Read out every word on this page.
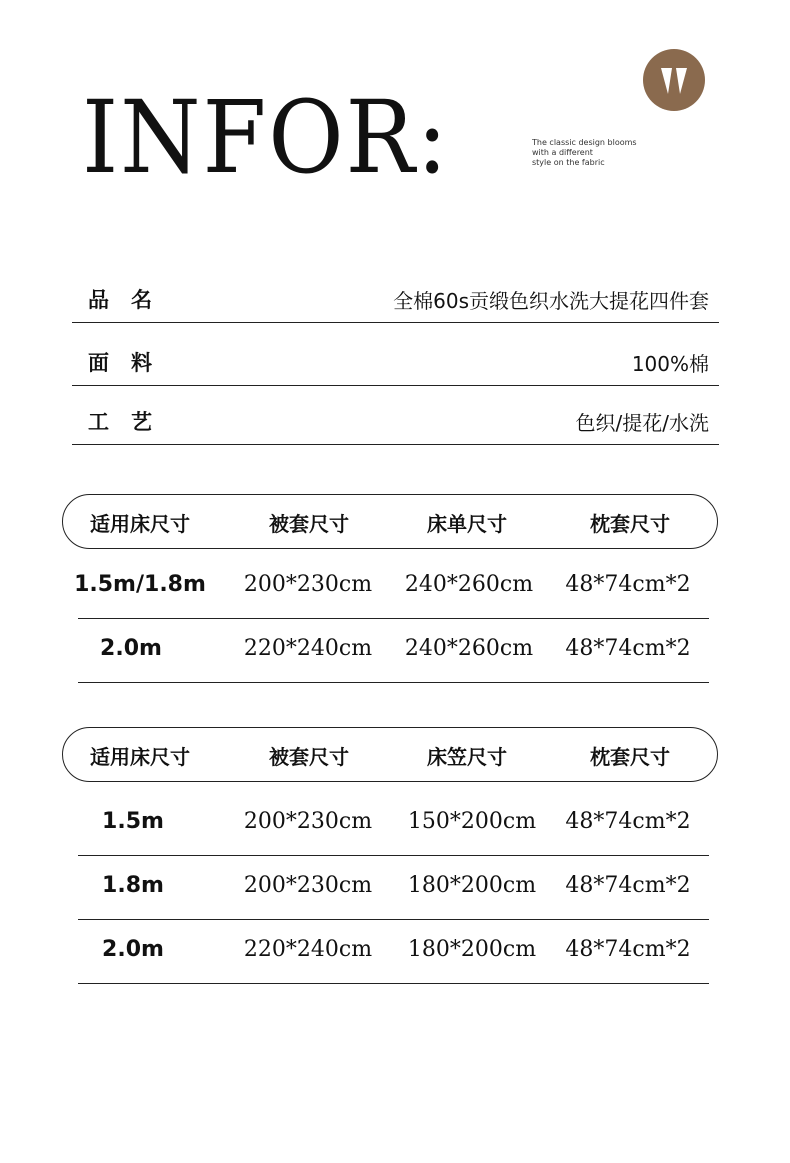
INFOR:	The classic design blooms
with a different
style on the fabric
品名	全棉60s贡缎色织水洗大提花四件套
面料	100%棉
工艺	色织/提花/水洗
适用床尺寸	被套尺寸	床单尺寸	枕套尺寸
1.5m/1.8m 200*230cm 240*260cm 48*74cm*2
2.0m	220*240cm 240*260cm 48*74cm*2
适用床尺寸	被套尺寸	床笠尺寸	枕套尺寸
1.5m	200*230cm 150*200cm 48*74cm*2
1.8m	200*230cm 180*200cm 48*74cm*2
2.0m	220*240cm 180*200cm 48*74cm*2
